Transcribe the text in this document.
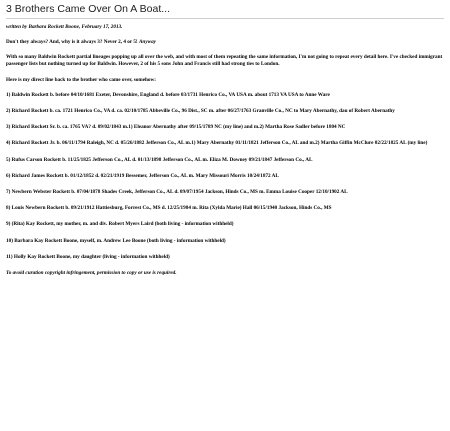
3 Brothers Came Over On A Boat...
written by Barbara Rockett Boone, February 17, 2013.
Don't they always? And, why is it always 3? Never 2, 4 or 5! Anyway
With so many Baldwin Rockett partial lineages popping up all over the web, and with most of them repeating the same information, I'm not going to repeat every detail here. I've checked immigrant passenger lists but nothing turned up for Baldwin. However, 2 of his 5 sons John and Francis still had strong ties to London.
Here is my direct line back to the brother who came over, somehow:
1) Baldwin Rockett b. before 04/10/1681 Exeter, Devonshire, England d. before 03/1731 Henrico Co., VA USA m. about 1713 VA USA to Anne Ware
2) Richard Rockett b. ca. 1721 Henrico Co., VA d. ca. 02/10/1785 Abbeville Co., 96 Dist., SC m. after 06/27/1763 Granville Co., NC to Mary Abernathy, dau of Robert Abernathy
3) Richard Rockett Sr. b. ca. 1765 VA? d. 09/02/1843 m.1) Eleanor Abernathy after 09/15/1789 NC (my line) and m.2) Martha Rose Sadler before 1804 NC
4) Richard Rockett Jr. b. 06/11/1794 Raleigh, NC d. 05/26/1882 Jefferson Co., AL m.1) Mary Abernathy 01/11/1821 Jefferson Co., AL and m.2) Martha Giffin McClure 02/22/1825 AL (my line)
5) Rufus Carson Rockett b. 11/25/1825 Jefferson Co., AL d. 01/13/1898 Jefferson Co., AL m. Eliza M. Downey 09/21/1847 Jefferson Co., AL
6) Richard James Rockett b. 01/12/1852 d. 02/21/1919 Bessemer, Jefferson Co., AL m. Mary Missouri Morris 10/24/1872 AL
7) Newbern Webster Rockett b. 07/04/1878 Shades Creek, Jefferson Co., AL d. 09/07/1954 Jackson, Hinds Co., MS m. Emma Louise Cooper 12/10/1902 AL
8) Louis Newbern Rockett b. 09/21/1912 Hattiesburg, Forrest Co., MS d. 12/25/1984 m. Rita (Xylda Marie) Hall 06/15/1940 Jackson, Hinds Co., MS
9) (Rita) Kay Rockett, my mother, m. and div. Robert Myers Laird (both living - information withheld)
10) Barbara Kay Rockett Boone, myself, m. Andrew Lee Boone (both living - information withheld)
11) Holly Kay Rockett Boone, my daughter (living - information withheld)
To avoid curation copyright infringement, permission to copy or use is required.
